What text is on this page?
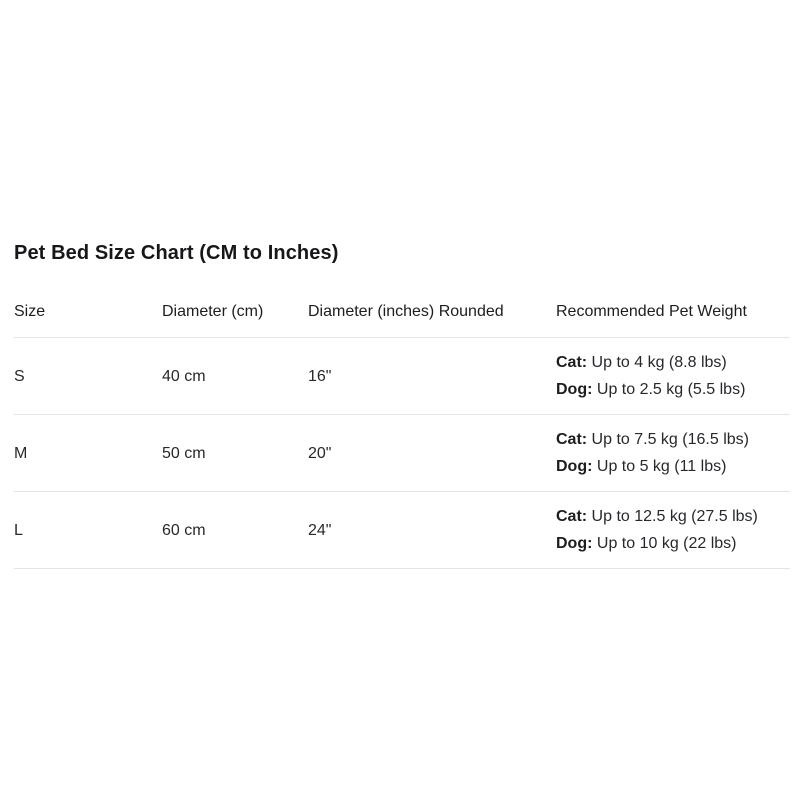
Pet Bed Size Chart (CM to Inches)
Size	Diameter (cm)	Diameter (inches) Rounded	Recommended Pet Weight
S	40 cm	16"	Cat: Up to 4 kg (8.8 lbs)
Dog: Up to 2.5 kg (5.5 lbs)

M	50 cm	20"	Cat: Up to 7.5 kg (16.5 lbs)
Dog: Up to 5 kg (11 lbs)

L	60 cm	24"	Cat: Up to 12.5 kg (27.5 lbs)
Dog: Up to 10 kg (22 lbs)
